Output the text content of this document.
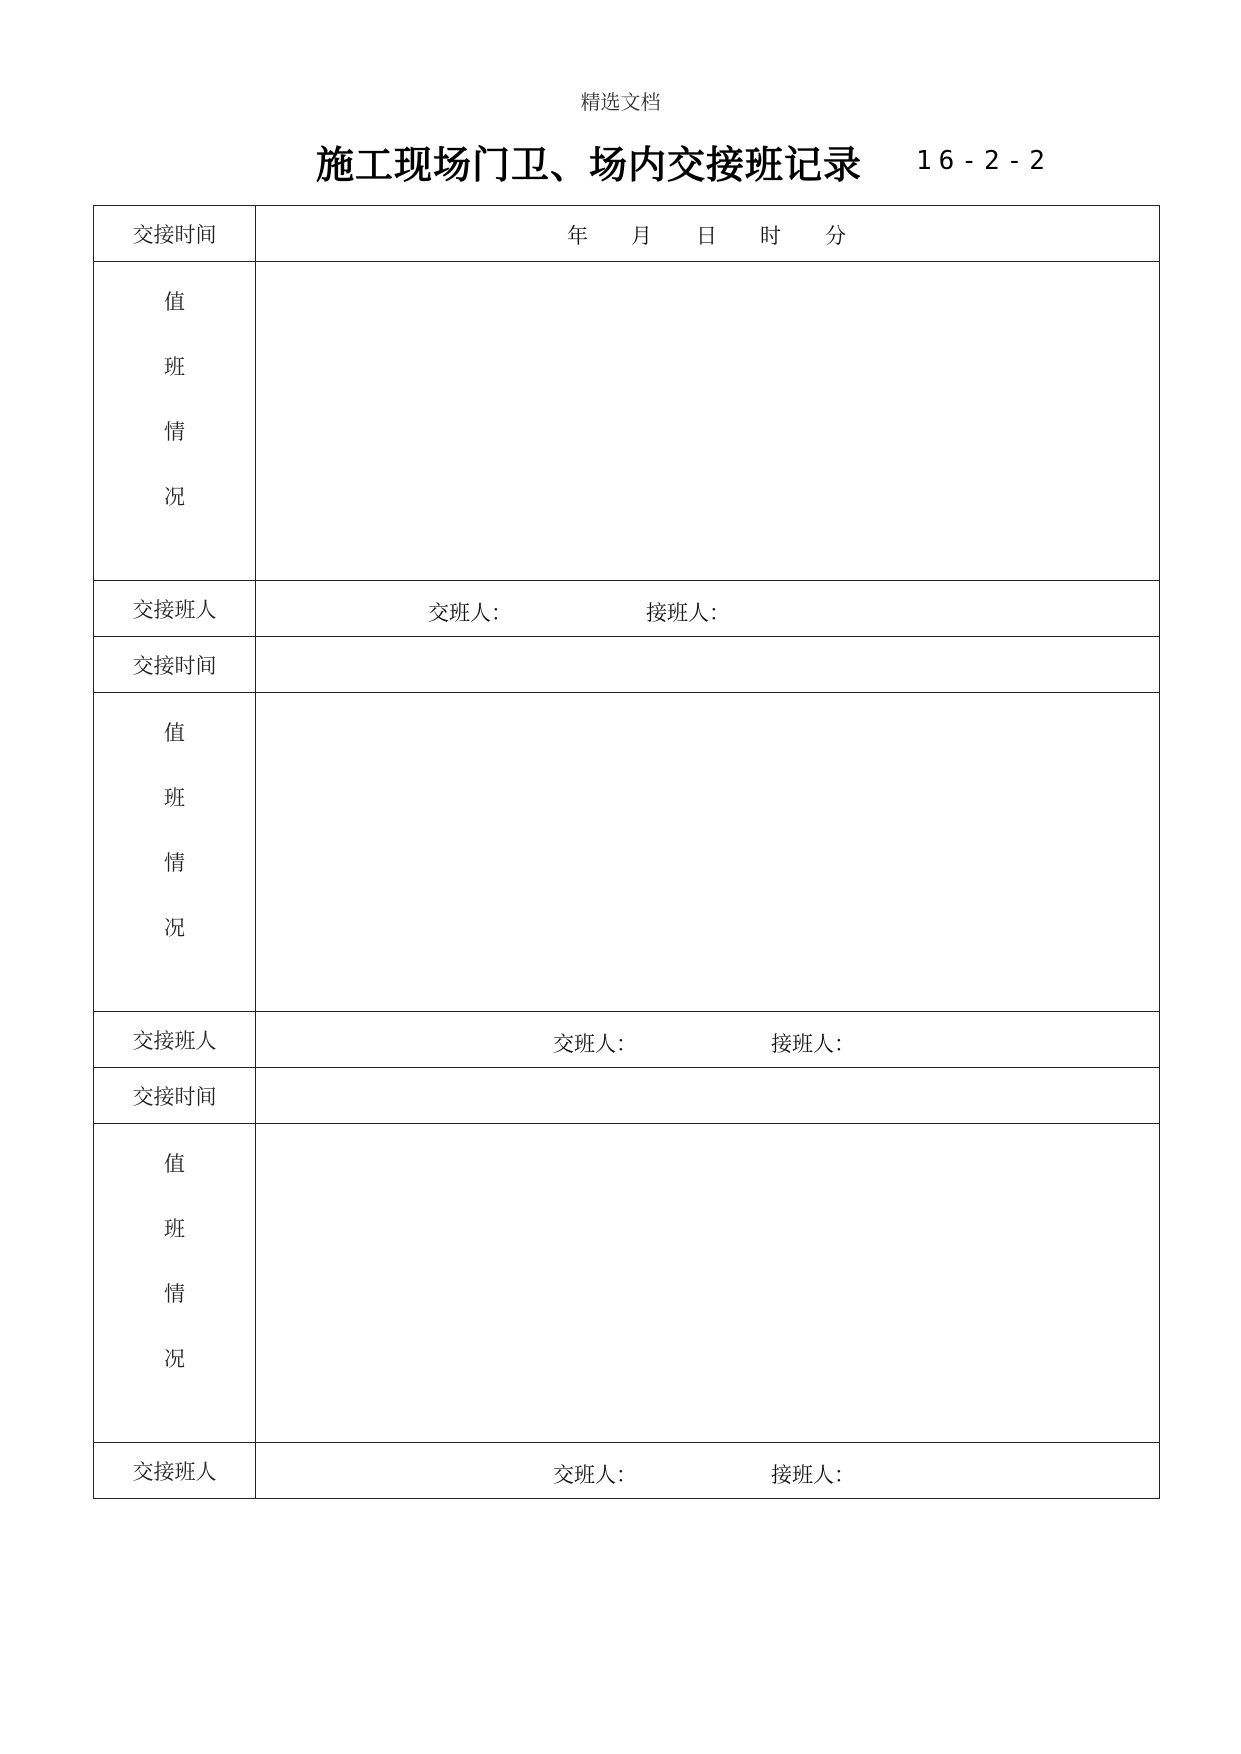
精选文档
施工现场门卫、场内交接班记录 16-2-2
交接时间	年 月 日 时 分

值
班
情
况	

交接班人	交班人： 接班人：

交接时间	

值
班
情
况	

交接班人	交班人： 接班人：

交接时间	

值
班
情
况	

交接班人	交班人： 接班人：
